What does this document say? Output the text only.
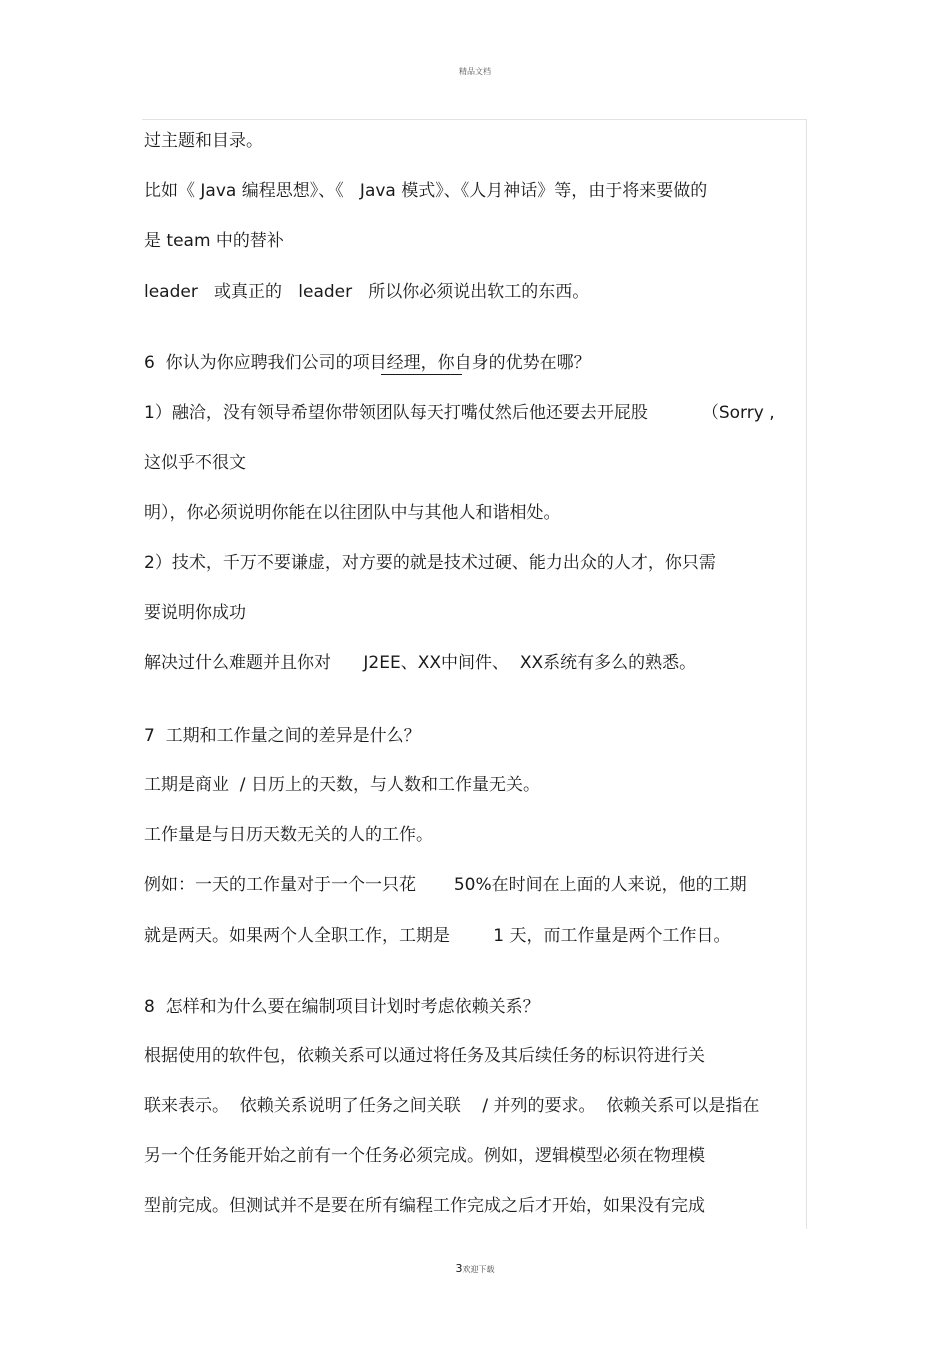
精品文档

过主题和目录。

比如《 Java 编程思想》、《   Java 模式》、《人月神话》等，由于将来要做的

是 team 中的替补

leader   或真正的   leader   所以你必须说出软工的东西。

6  你认为你应聘我们公司的项目经理，你自身的优势在哪？

1）融洽，没有领导希望你带领团队每天打嘴仗然后他还要去开屁股          （Sorry ,

这似乎不很文

明），你必须说明你能在以往团队中与其他人和谐相处。

2）技术，千万不要谦虚，对方要的就是技术过硬、能力出众的人才，你只需

要说明你成功

解决过什么难题并且你对      J2EE、XX中间件、  XX系统有多么的熟悉。

7  工期和工作量之间的差异是什么？

工期是商业  / 日历上的天数，与人数和工作量无关。

工作量是与日历天数无关的人的工作。

例如：一天的工作量对于一个一只花       50%在时间在上面的人来说，他的工期

就是两天。如果两个人全职工作，工期是        1 天，而工作量是两个工作日。

8  怎样和为什么要在编制项目计划时考虑依赖关系？

根据使用的软件包，依赖关系可以通过将任务及其后续任务的标识符进行关

联来表示。  依赖关系说明了任务之间关联    / 并列的要求。  依赖关系可以是指在

另一个任务能开始之前有一个任务必须完成。例如，逻辑模型必须在物理模

型前完成。但测试并不是要在所有编程工作完成之后才开始，如果没有完成

3欢迎下载
